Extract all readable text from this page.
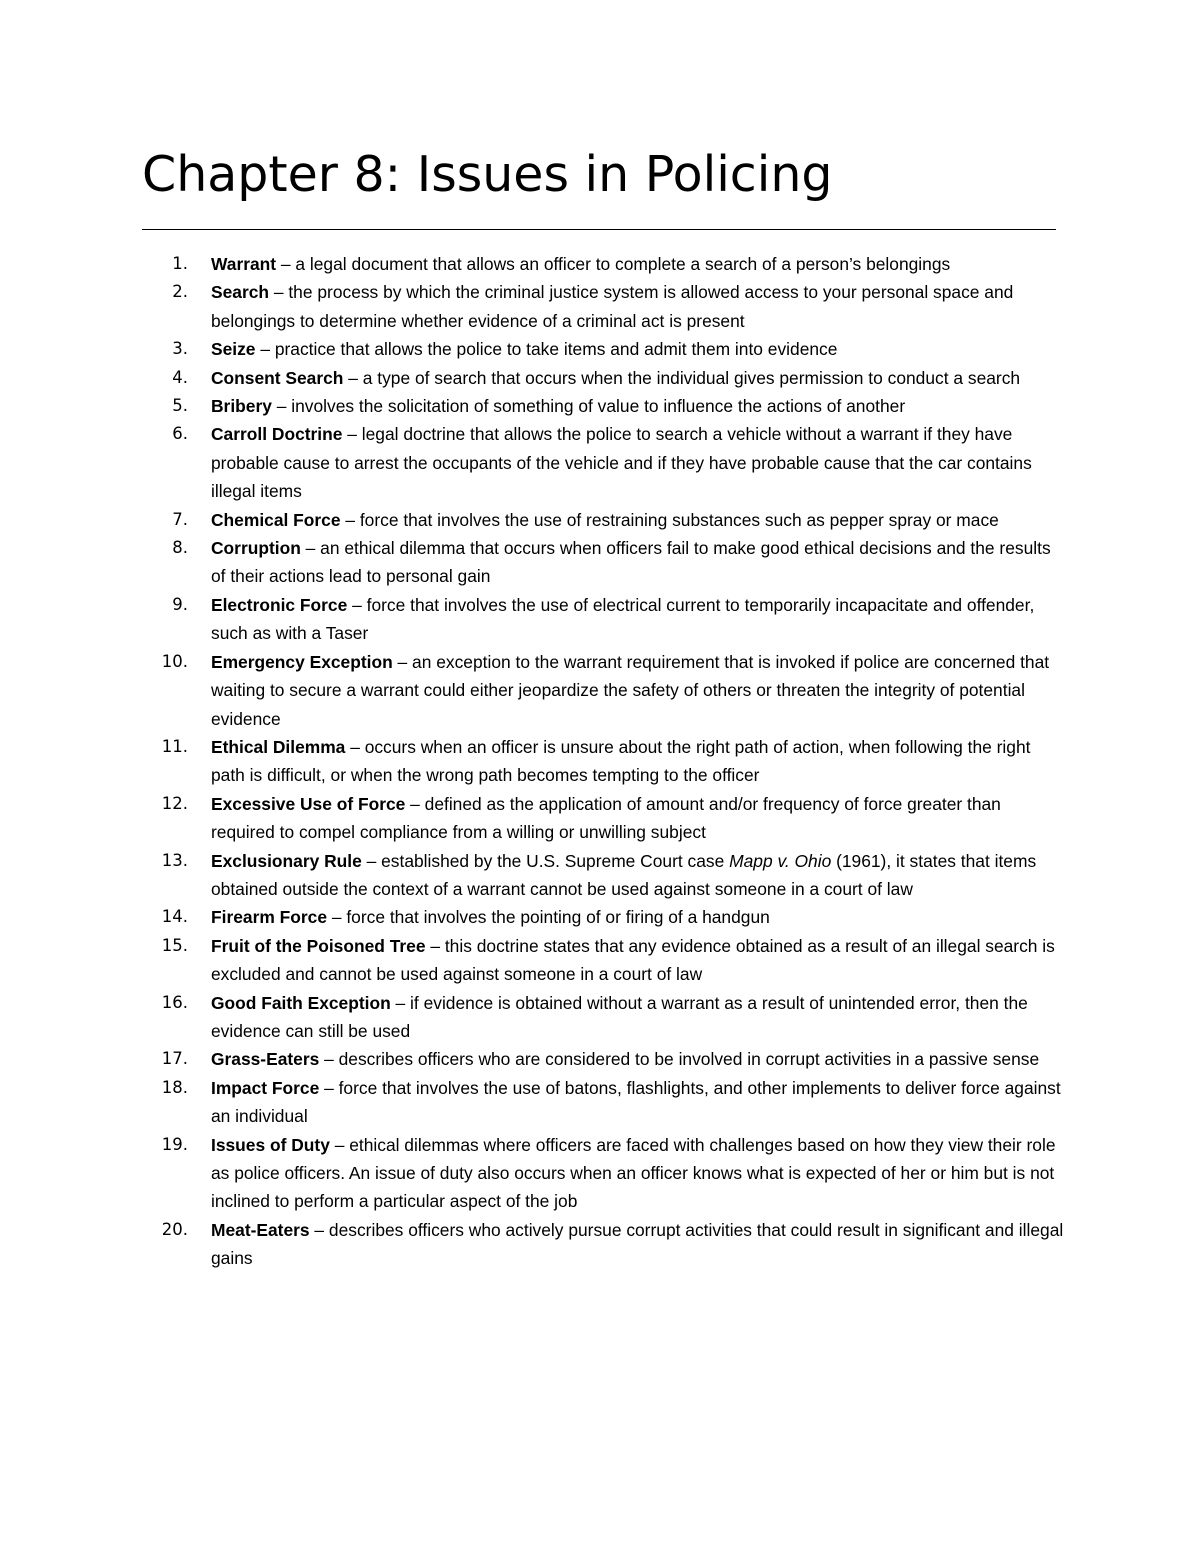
Chapter 8: Issues in Policing
1. Warrant – a legal document that allows an officer to complete a search of a person’s belongings
2. Search – the process by which the criminal justice system is allowed access to your personal space and belongings to determine whether evidence of a criminal act is present
3. Seize – practice that allows the police to take items and admit them into evidence
4. Consent Search – a type of search that occurs when the individual gives permission to conduct a search
5. Bribery – involves the solicitation of something of value to influence the actions of another
6. Carroll Doctrine – legal doctrine that allows the police to search a vehicle without a warrant if they have probable cause to arrest the occupants of the vehicle and if they have probable cause that the car contains illegal items
7. Chemical Force – force that involves the use of restraining substances such as pepper spray or mace
8. Corruption – an ethical dilemma that occurs when officers fail to make good ethical decisions and the results of their actions lead to personal gain
9. Electronic Force – force that involves the use of electrical current to temporarily incapacitate and offender, such as with a Taser
10. Emergency Exception – an exception to the warrant requirement that is invoked if police are concerned that waiting to secure a warrant could either jeopardize the safety of others or threaten the integrity of potential evidence
11. Ethical Dilemma – occurs when an officer is unsure about the right path of action, when following the right path is difficult, or when the wrong path becomes tempting to the officer
12. Excessive Use of Force – defined as the application of amount and/or frequency of force greater than required to compel compliance from a willing or unwilling subject
13. Exclusionary Rule – established by the U.S. Supreme Court case Mapp v. Ohio (1961), it states that items obtained outside the context of a warrant cannot be used against someone in a court of law
14. Firearm Force – force that involves the pointing of or firing of a handgun
15. Fruit of the Poisoned Tree – this doctrine states that any evidence obtained as a result of an illegal search is excluded and cannot be used against someone in a court of law
16. Good Faith Exception – if evidence is obtained without a warrant as a result of unintended error, then the evidence can still be used
17. Grass-Eaters – describes officers who are considered to be involved in corrupt activities in a passive sense
18. Impact Force – force that involves the use of batons, flashlights, and other implements to deliver force against an individual
19. Issues of Duty – ethical dilemmas where officers are faced with challenges based on how they view their role as police officers. An issue of duty also occurs when an officer knows what is expected of her or him but is not inclined to perform a particular aspect of the job
20. Meat-Eaters – describes officers who actively pursue corrupt activities that could result in significant and illegal gains
